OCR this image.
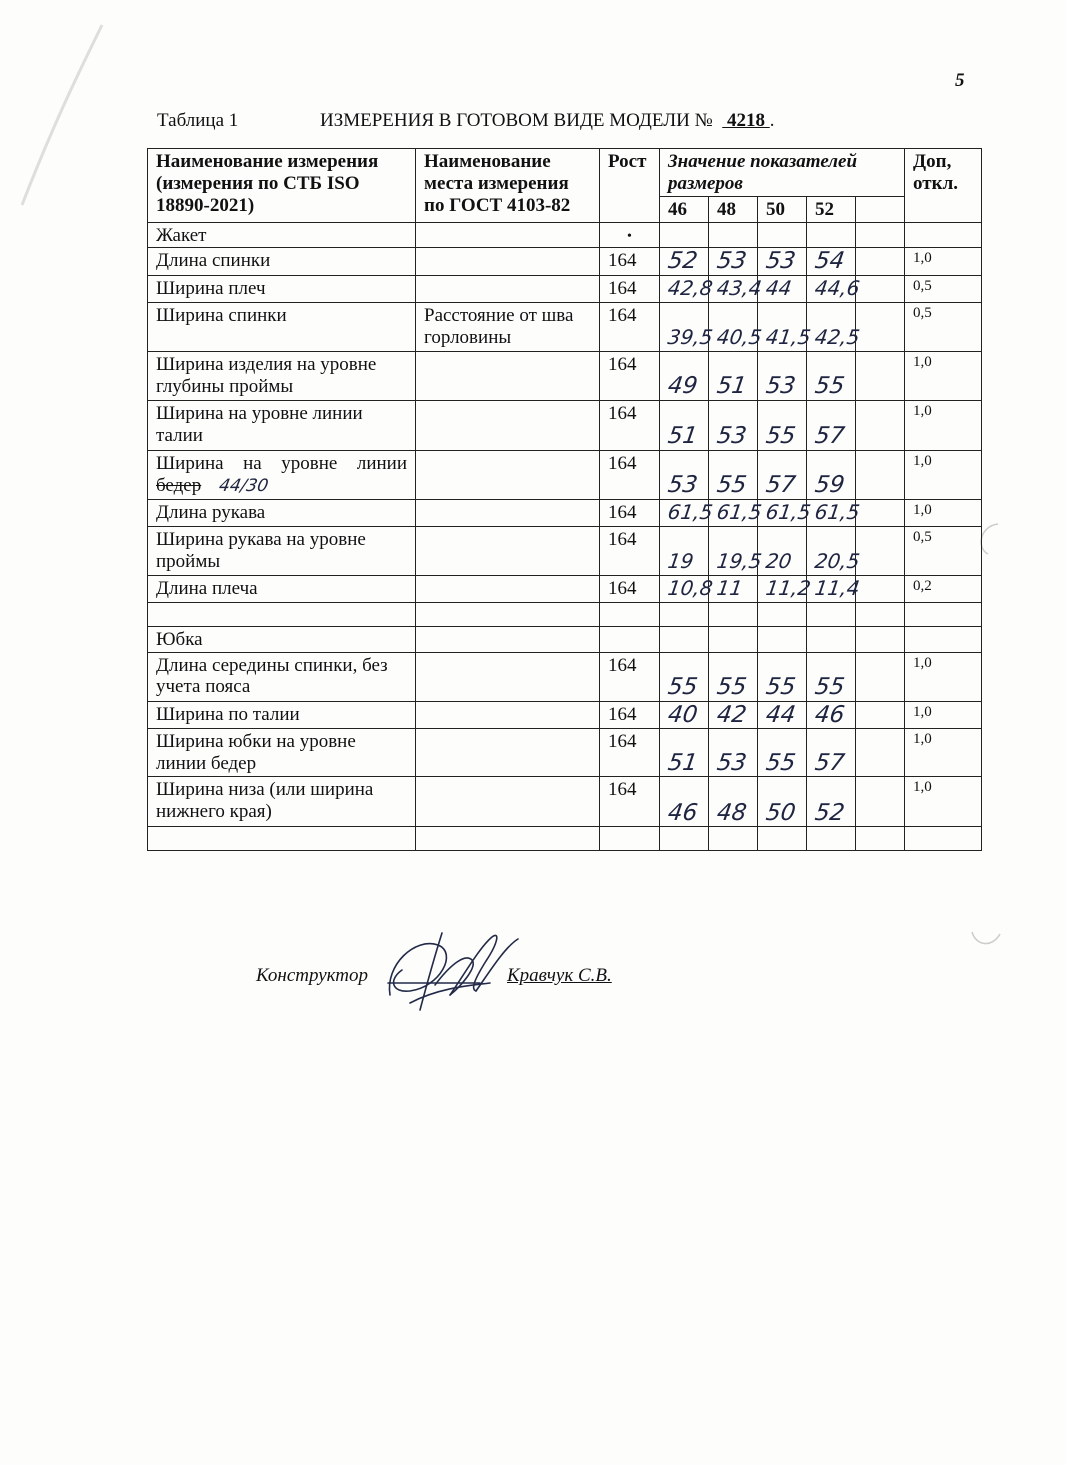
5
Таблица 1	ИЗМЕРЕНИЯ В ГОТОВОМ ВИДЕ МОДЕЛИ № 4218 .
Наименование измерения (измерения по СТБ ISO 18890-2021)	Наименование места измерения по ГОСТ 4103-82	Рост	Значение показателей размеров					Доп, откл.
			46	48	50	52		
Жакет		•						
Длина спинки		164	52	53	53	54		1,0
Ширина плеч		164	42,8	43,4	44	44,6		0,5
Ширина спинки	Расстояние от шва горловины	164	39,5	40,5	41,5	42,5		0,5
Ширина изделия на уровне глубины проймы		164	49	51	53	55		1,0
Ширина на уровне линии талии		164	51	53	55	57		1,0

Ширина на уровне линии
бедер 44/30		164	53	55	57	59		1,0
Длина рукава		164	61,5	61,5	61,5	61,5		1,0
Ширина рукава на уровне проймы		164	19	19,5	20	20,5		0,5
Длина плеча		164	10,8	11	11,2	11,4		0,2

Юбка								
Длина середины спинки, без учета пояса		164	55	55	55	55		1,0
Ширина по талии		164	40	42	44	46		1,0
Ширина юбки на уровне линии бедер		164	51	53	55	57		1,0
Ширина низа (или ширина нижнего края)		164	46	48	50	52		1,0

Конструктор	Кравчук С.В.
